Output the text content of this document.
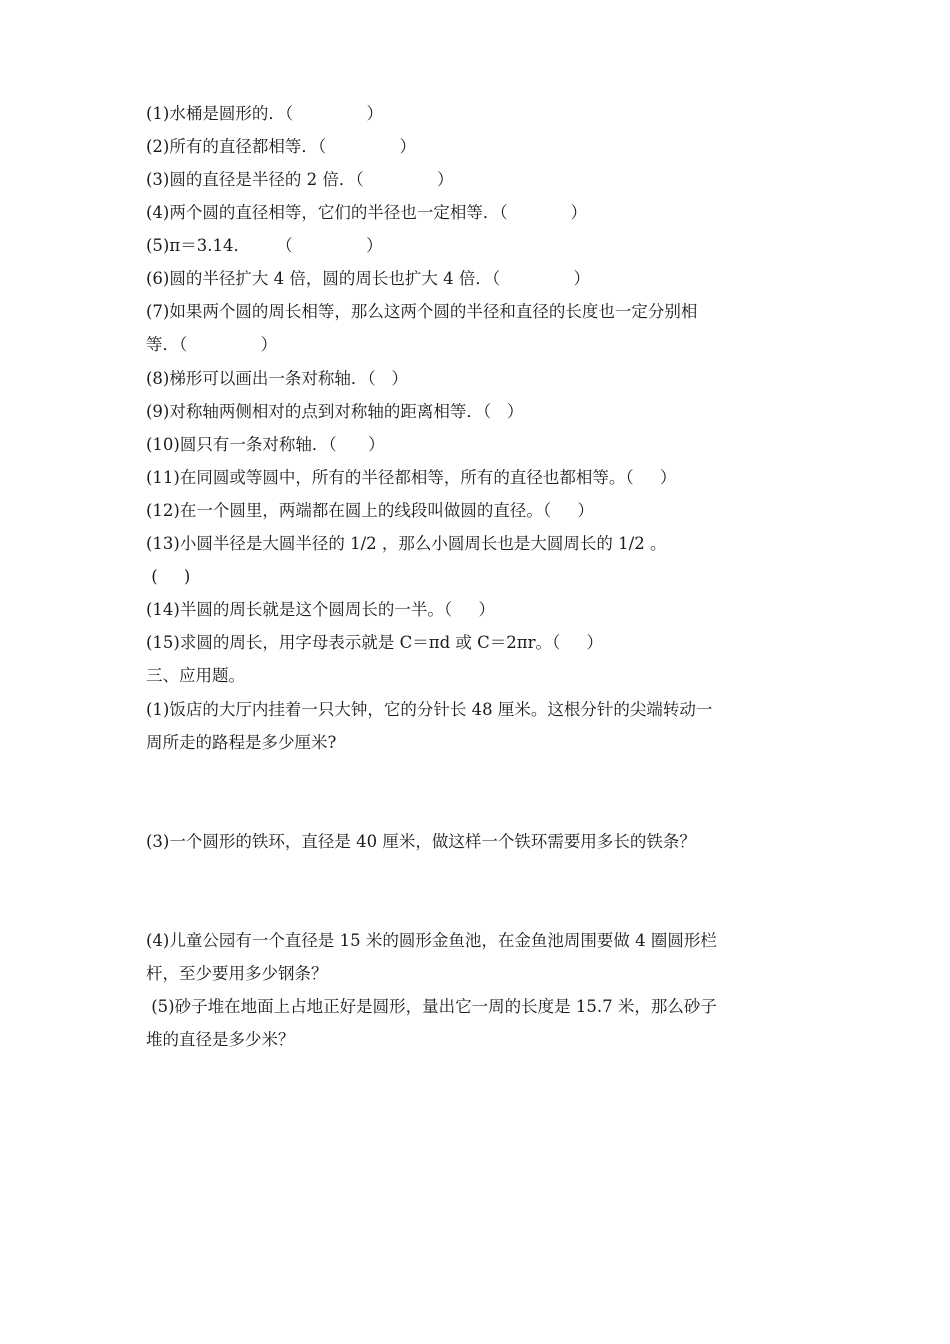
(1)水桶是圆形的．（              ）
(2)所有的直径都相等．（              ）
(3)圆的直径是半径的 2 倍．（              ）
(4)两个圆的直径相等，它们的半径也一定相等．（            ）
(5)π＝3.14．     （              ）
(6)圆的半径扩大 4 倍，圆的周长也扩大 4 倍．（              ）
(7)如果两个圆的周长相等，那么这两个圆的半径和直径的长度也一定分别相
等．（              ）
(8)梯形可以画出一条对称轴．（   ）
(9)对称轴两侧相对的点到对称轴的距离相等．（   ）
(10)圆只有一条对称轴．（      ）
(11)在同圆或等圆中，所有的半径都相等，所有的直径也都相等。（     ）
(12)在一个圆里，两端都在圆上的线段叫做圆的直径。（     ）
(13)小圆半径是大圆半径的 1/2 ，那么小圆周长也是大圆周长的 1/2 。
(     )
(14)半圆的周长就是这个圆周长的一半。（     ）
(15)求圆的周长，用字母表示就是 C＝πd 或 C＝2πr。（     ）
三、应用题。
(1)饭店的大厅内挂着一只大钟，它的分针长 48 厘米。这根分针的尖端转动一
周所走的路程是多少厘米?
(3)一个圆形的铁环，直径是 40 厘米，做这样一个铁环需要用多长的铁条？
(4)儿童公园有一个直径是 15 米的圆形金鱼池，在金鱼池周围要做 4 圈圆形栏
杆，至少要用多少钢条？
(5)砂子堆在地面上占地正好是圆形，量出它一周的长度是 15.7 米，那么砂子
堆的直径是多少米？
